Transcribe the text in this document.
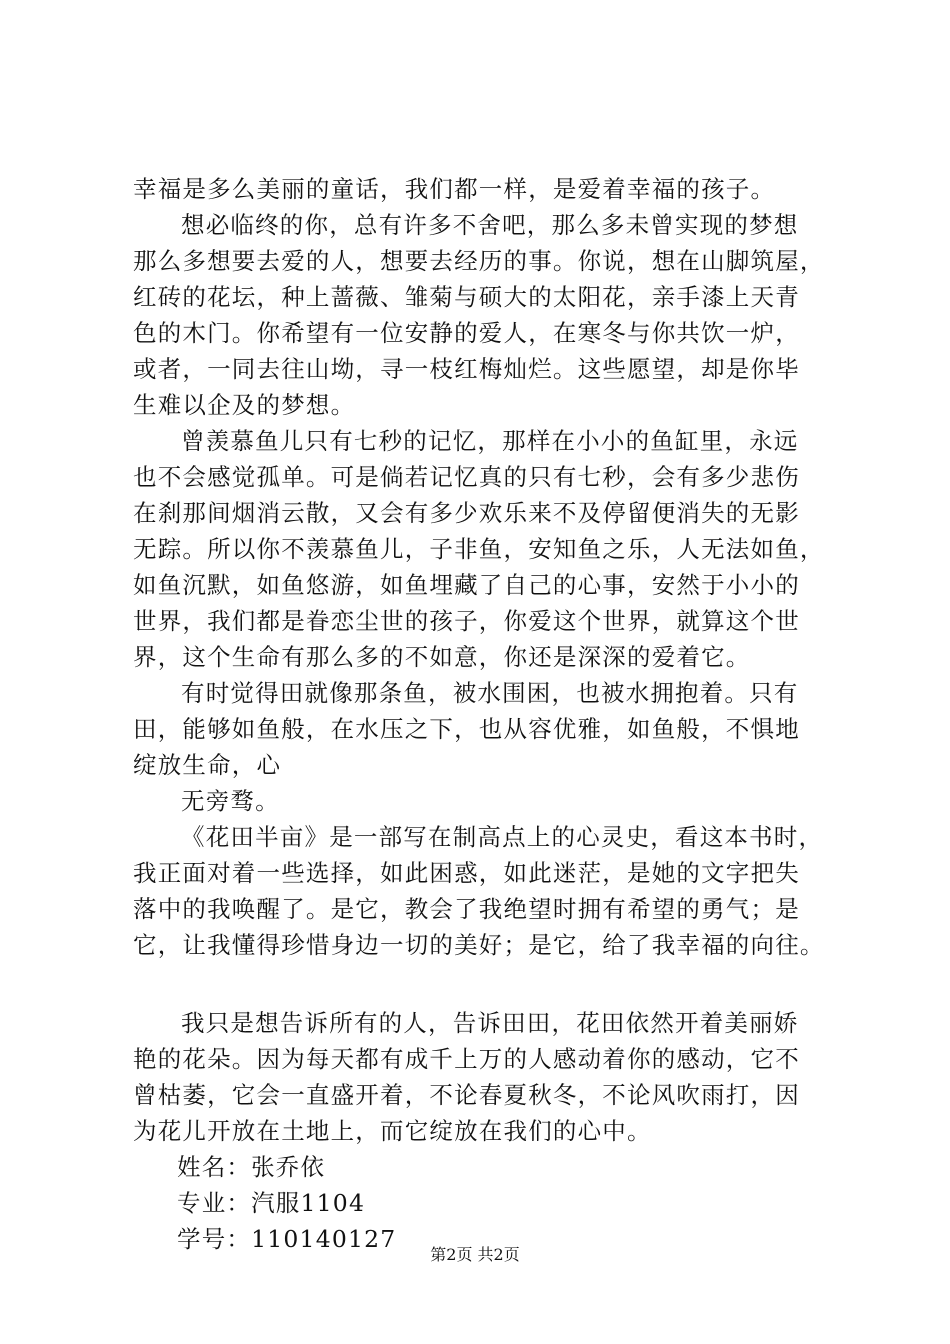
幸福是多么美丽的童话，我们都一样，是爱着幸福的孩子。
想必临终的你，总有许多不舍吧，那么多未曾实现的梦想
那么多想要去爱的人，想要去经历的事。你说，想在山脚筑屋，
红砖的花坛，种上蔷薇、雏菊与硕大的太阳花，亲手漆上天青
色的木门。你希望有一位安静的爱人，在寒冬与你共饮一炉，
或者，一同去往山坳，寻一枝红梅灿烂。这些愿望，却是你毕
生难以企及的梦想。
曾羡慕鱼儿只有七秒的记忆，那样在小小的鱼缸里，永远
也不会感觉孤单。可是倘若记忆真的只有七秒，会有多少悲伤
在刹那间烟消云散，又会有多少欢乐来不及停留便消失的无影
无踪。所以你不羡慕鱼儿，子非鱼，安知鱼之乐，人无法如鱼，
如鱼沉默，如鱼悠游，如鱼埋藏了自己的心事，安然于小小的
世界，我们都是眷恋尘世的孩子，你爱这个世界，就算这个世
界，这个生命有那么多的不如意，你还是深深的爱着它。
有时觉得田就像那条鱼，被水围困，也被水拥抱着。只有
田，能够如鱼般，在水压之下，也从容优雅，如鱼般，不惧地
绽放生命，心
无旁骛。
《花田半亩》是一部写在制高点上的心灵史，看这本书时，
我正面对着一些选择，如此困惑，如此迷茫，是她的文字把失
落中的我唤醒了。是它，教会了我绝望时拥有希望的勇气；是
它，让我懂得珍惜身边一切的美好；是它，给了我幸福的向往。
我只是想告诉所有的人，告诉田田，花田依然开着美丽娇
艳的花朵。因为每天都有成千上万的人感动着你的感动，它不
曾枯萎，它会一直盛开着，不论春夏秋冬，不论风吹雨打，因
为花儿开放在土地上，而它绽放在我们的心中。
姓名：张乔依
专业：汽服1104
学号：110140127
第2页 共2页
